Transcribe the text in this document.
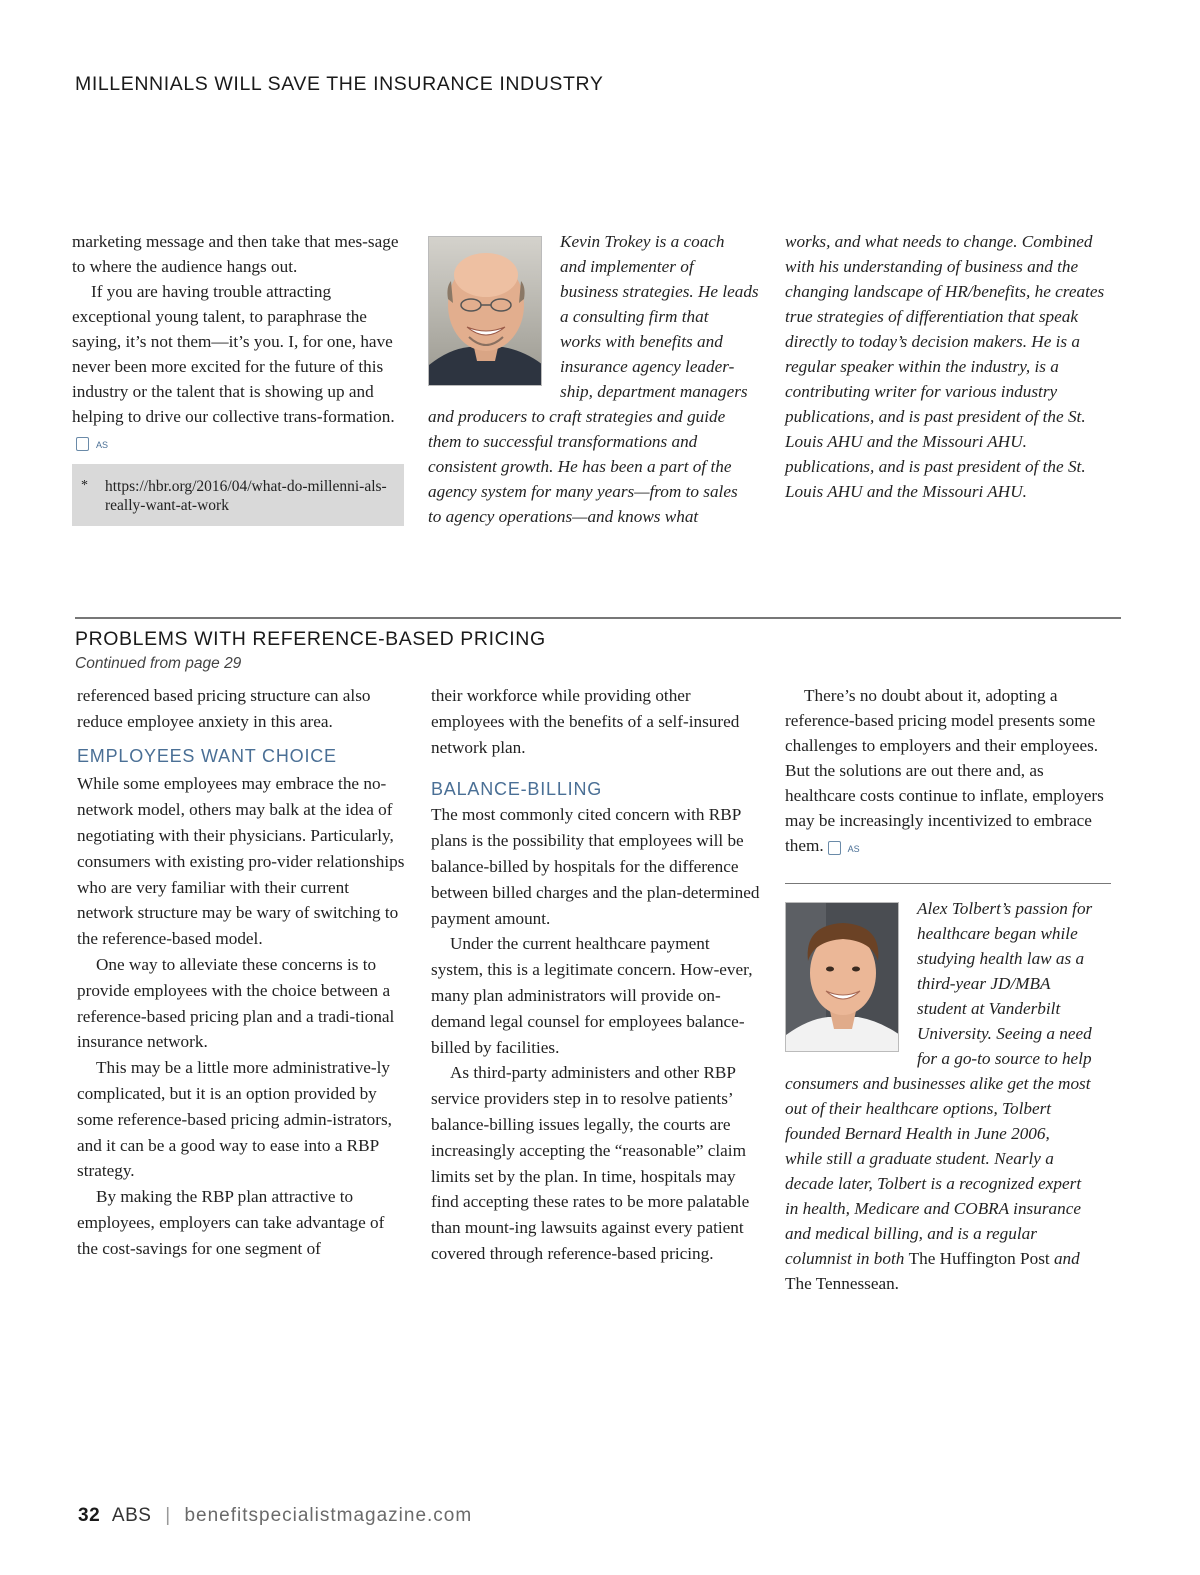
MILLENNIALS WILL SAVE THE INSURANCE INDUSTRY

marketing message and then take that mes-sage to where the audience hangs out.

If you are having trouble attracting exceptional young talent, to paraphrase the saying, it’s not them—it’s you. I, for one, have never been more excited for the future of this industry or the talent that is showing up and helping to drive our collective trans-formation.AS

* https://hbr.org/2016/04/what-do-millenni-als-really-want-at-work

Kevin Trokey is a coach

and implementer of

business strategies. He leads

a consulting firm that

works with benefits and

insurance agency leader-

ship, department managers

and producers to craft strategies and guide

them to successful transformations and

consistent growth. He has been a part of the

agency system for many years—from to sales

to agency operations—and knows what

works, and what needs to change. Combined

with his understanding of business and the

changing landscape of HR/benefits, he creates

true strategies of differentiation that speak

directly to today’s decision makers. He is a

regular speaker within the industry, is a

contributing writer for various industry

publications, and is past president of the St.

Louis AHU and the Missouri AHU.

publications, and is past president of the St.

Louis AHU and the Missouri AHU.

PROBLEMS WITH REFERENCE-BASED PRICING
Continued from page 29

referenced based pricing structure can also reduce employee anxiety in this area.

EMPLOYEES WANT CHOICE

While some employees may embrace the no-network model, others may balk at the idea of negotiating with their physicians. Particularly, consumers with existing pro-vider relationships who are very familiar with their current network structure may be wary of switching to the reference-based model.

One way to alleviate these concerns is to provide employees with the choice between a reference-based pricing plan and a tradi-tional insurance network.

This may be a little more administrative-ly complicated, but it is an option provided by some reference-based pricing admin-istrators, and it can be a good way to ease into a RBP strategy.

By making the RBP plan attractive to employees, employers can take advantage of the cost-savings for one segment of

their workforce while providing other employees with the benefits of a self-insured network plan.

BALANCE-BILLING

The most commonly cited concern with RBP plans is the possibility that employees will be balance-billed by hospitals for the difference between billed charges and the plan-determined payment amount.

Under the current healthcare payment system, this is a legitimate concern. How-ever, many plan administrators will provide on-demand legal counsel for employees balance-billed by facilities.

As third-party administers and other RBP service providers step in to resolve patients’ balance-billing issues legally, the courts are increasingly accepting the “reasonable” claim limits set by the plan. In time, hospitals may find accepting these rates to be more palatable than mount-ing lawsuits against every patient covered through reference-based pricing.

There’s no doubt about it, adopting a reference-based pricing model presents some challenges to employers and their employees. But the solutions are out there and, as healthcare costs continue to inflate, employers may be increasingly incentivized to embrace them.	AS

Alex Tolbert’s passion for

healthcare began while

studying health law as a

third-year JD/MBA

student at Vanderbilt

University. Seeing a need

for a go-to source to help

consumers and businesses alike get the most

out of their healthcare options, Tolbert

founded Bernard Health in June 2006,

while still a graduate student. Nearly a

decade later, Tolbert is a recognized expert

in health, Medicare and COBRA insurance

and medical billing, and is a regular

columnist in both The Huffington Post and

The Tennessean.

32 ABS | benefitspecialistmagazine.com
